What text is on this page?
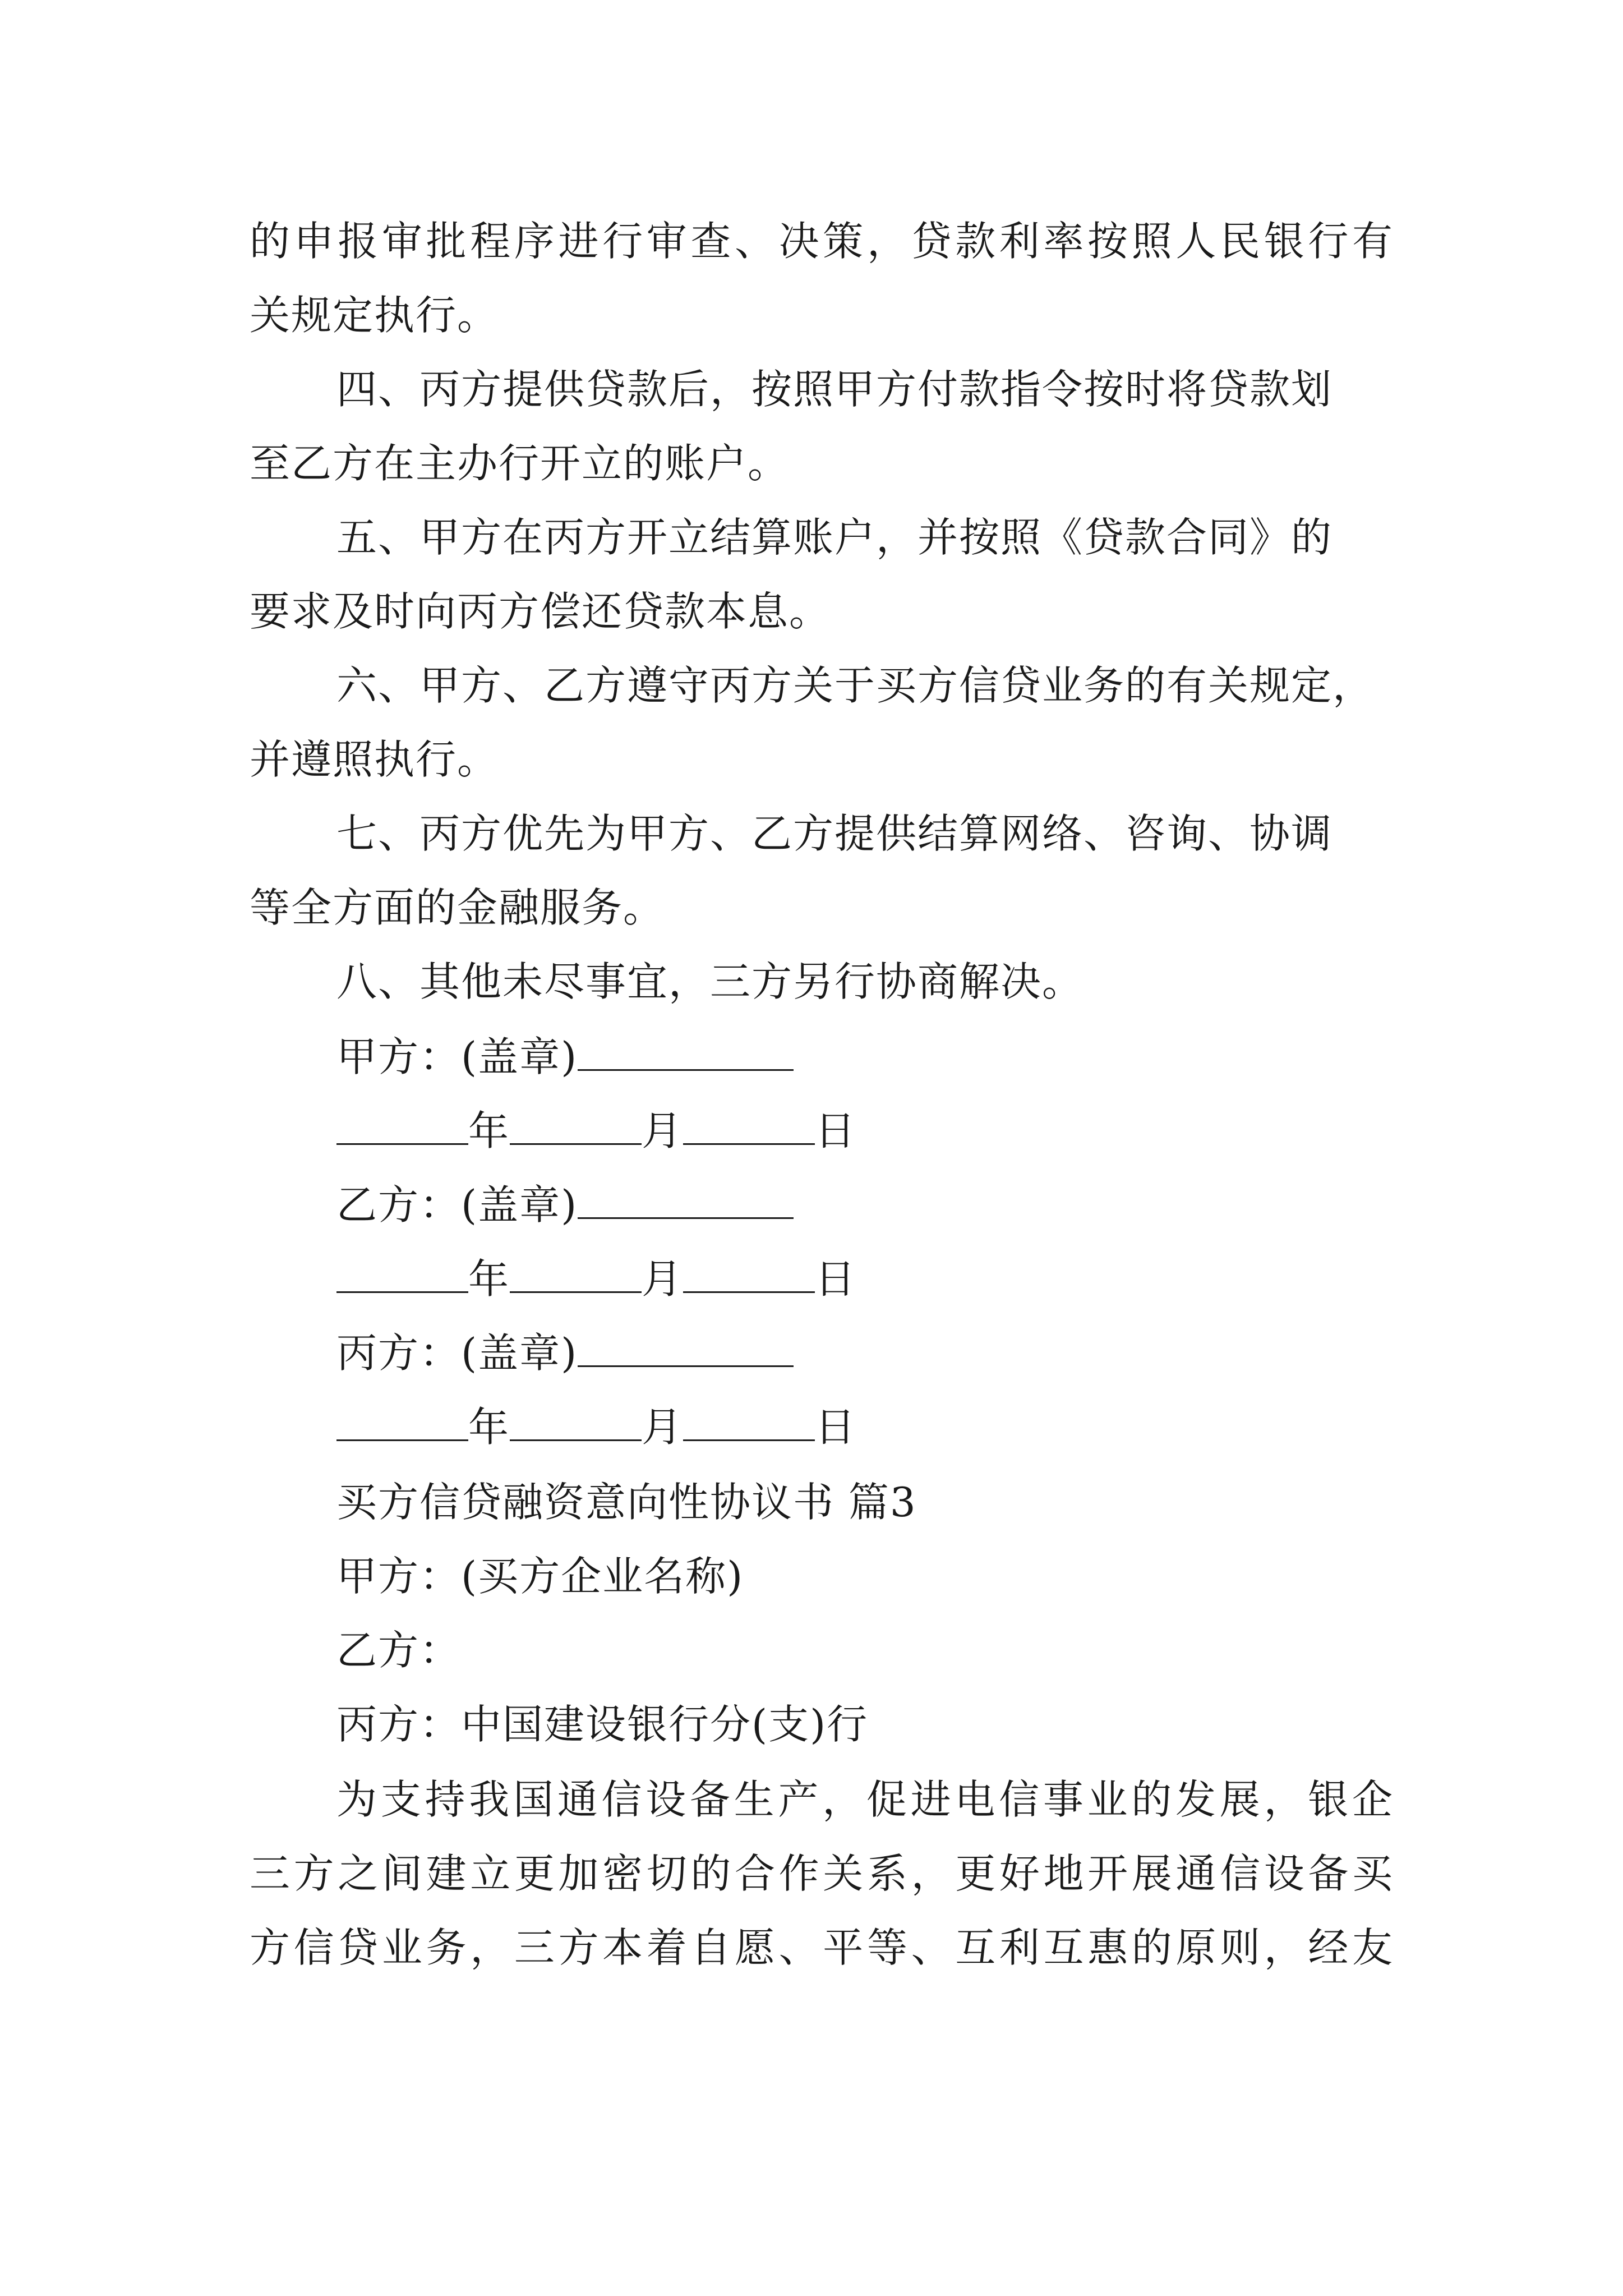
的申报审批程序进行审查、决策，贷款利率按照人民银行有
关规定执行。
四、丙方提供贷款后，按照甲方付款指令按时将贷款划
至乙方在主办行开立的账户。
五、甲方在丙方开立结算账户，并按照《贷款合同》的
要求及时向丙方偿还贷款本息。
六、甲方、乙方遵守丙方关于买方信贷业务的有关规定，
并遵照执行。
七、丙方优先为甲方、乙方提供结算网络、咨询、协调
等全方面的金融服务。
八、其他未尽事宜，三方另行协商解决。
甲方：(盖章)
年	月	日
乙方：(盖章)
年	月	日
丙方：(盖章)
年	月	日
买方信贷融资意向性协议书 篇3
甲方：(买方企业名称)
乙方：
丙方：中国建设银行分(支)行
为支持我国通信设备生产，促进电信事业的发展，银企
三方之间建立更加密切的合作关系，更好地开展通信设备买
方信贷业务，三方本着自愿、平等、互利互惠的原则，经友
